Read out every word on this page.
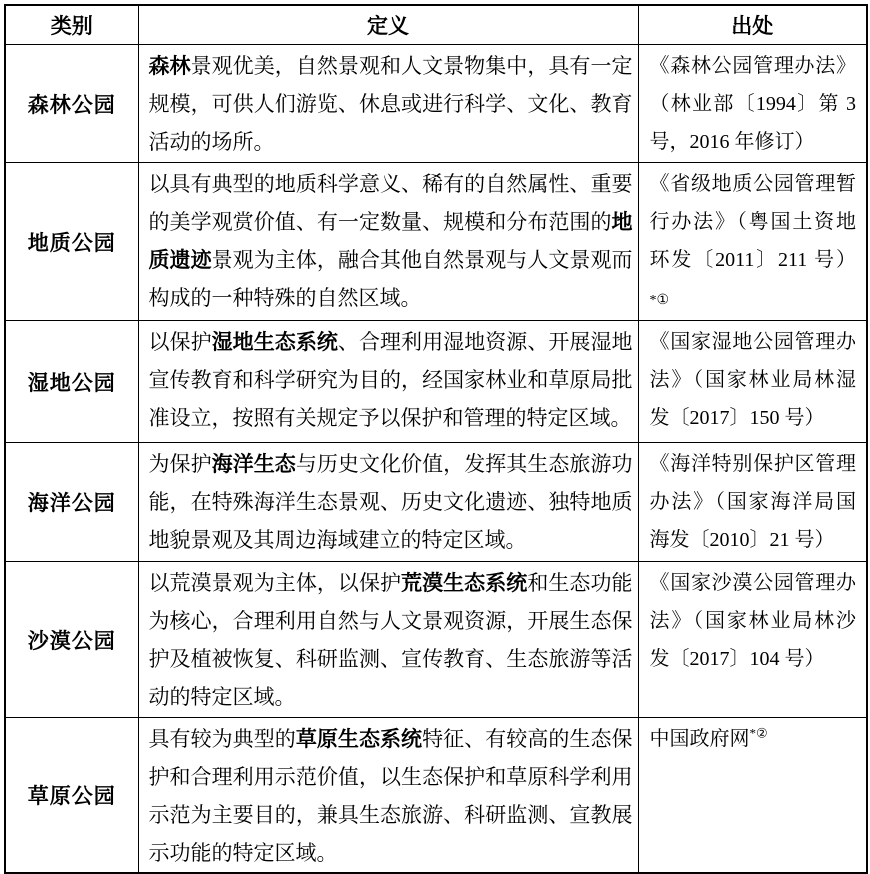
类别	定义	出处
森林公园	森林景观优美，自然景观和人文景物集中，具有一定规模，可供人们游览、休息或进行科学、文化、教育活动的场所。	《森林公园管理办法》（林业部〔1994〕第 3 号，2016 年修订）
地质公园	以具有典型的地质科学意义、稀有的自然属性、重要的美学观赏价值、有一定数量、规模和分布范围的地质遗迹景观为主体，融合其他自然景观与人文景观而构成的一种特殊的自然区域。	《省级地质公园管理暂行办法》（粤国土资地环发〔2011〕211 号）*①
湿地公园	以保护湿地生态系统、合理利用湿地资源、开展湿地宣传教育和科学研究为目的，经国家林业和草原局批准设立，按照有关规定予以保护和管理的特定区域。	《国家湿地公园管理办法》（国家林业局林湿发〔2017〕150 号）
海洋公园	为保护海洋生态与历史文化价值，发挥其生态旅游功能，在特殊海洋生态景观、历史文化遗迹、独特地质地貌景观及其周边海域建立的特定区域。	《海洋特别保护区管理办法》（国家海洋局国海发〔2010〕21 号）
沙漠公园	以荒漠景观为主体，以保护荒漠生态系统和生态功能为核心，合理利用自然与人文景观资源，开展生态保护及植被恢复、科研监测、宣传教育、生态旅游等活动的特定区域。	《国家沙漠公园管理办法》（国家林业局林沙发〔2017〕104 号）
草原公园	具有较为典型的草原生态系统特征、有较高的生态保护和合理利用示范价值，以生态保护和草原科学利用示范为主要目的，兼具生态旅游、科研监测、宣教展示功能的特定区域。	中国政府网*②
